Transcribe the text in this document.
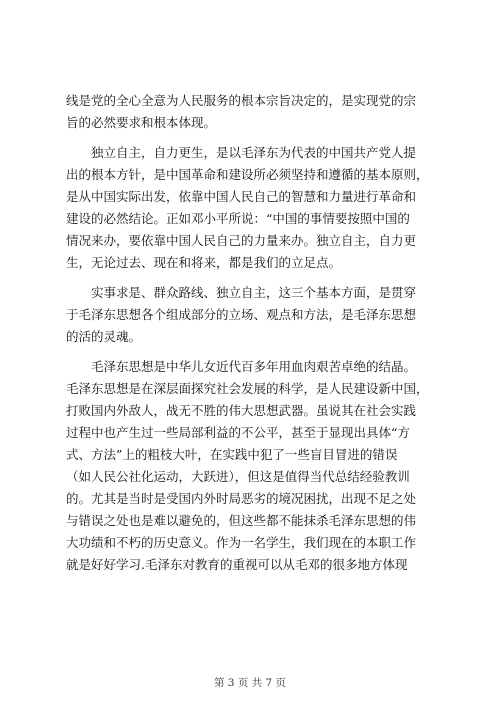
线是党的全心全意为人民服务的根本宗旨决定的，是实现党的宗
旨的必然要求和根本体现。
独立自主，自力更生，是以毛泽东为代表的中国共产党人提
出的根本方针，是中国革命和建设所必须坚持和遵循的基本原则，
是从中国实际出发，依靠中国人民自己的智慧和力量进行革命和
建设的必然结论。正如邓小平所说：“中国的事情要按照中国的
情况来办，要依靠中国人民自己的力量来办。独立自主，自力更
生，无论过去、现在和将来，都是我们的立足点。
实事求是、群众路线、独立自主，这三个基本方面，是贯穿
于毛泽东思想各个组成部分的立场、观点和方法，是毛泽东思想
的活的灵魂。
毛泽东思想是中华儿女近代百多年用血肉艰苦卓绝的结晶。
毛泽东思想是在深层面探究社会发展的科学，是人民建设新中国，
打败国内外敌人，战无不胜的伟大思想武器。虽说其在社会实践
过程中也产生过一些局部利益的不公平，甚至于显现出具体“方
式、方法”上的粗枝大叶，在实践中犯了一些盲目冒进的错误
（如人民公社化运动，大跃进），但这是值得当代总结经验教训
的。尤其是当时是受国内外时局恶劣的境况困扰，出现不足之处
与错误之处也是难以避免的，但这些都不能抹杀毛泽东思想的伟
大功绩和不朽的历史意义。作为一名学生，我们现在的本职工作
就是好好学习.毛泽东对教育的重视可以从毛邓的很多地方体现
第 3 页 共 7 页
